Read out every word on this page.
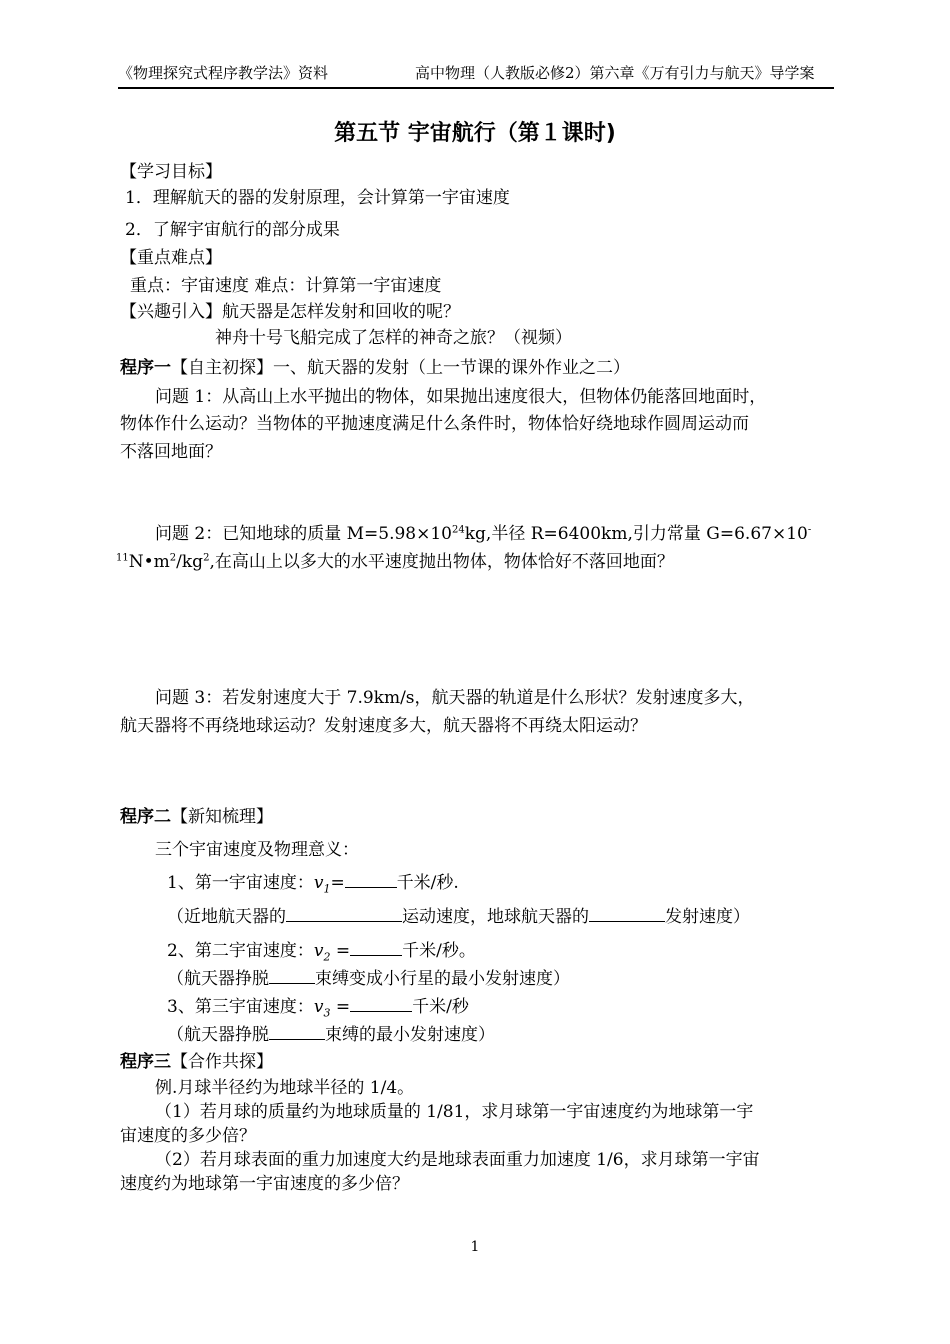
《物理探究式程序教学法》资料	高中物理（人教版必修2）第六章《万有引力与航天》导学案
第五节 宇宙航行（第１课时)
【学习目标】
1．理解航天的器的发射原理，会计算第一宇宙速度
2．了解宇宙航行的部分成果
【重点难点】
重点：宇宙速度 难点：计算第一宇宙速度
【兴趣引入】航天器是怎样发射和回收的呢？
神舟十号飞船完成了怎样的神奇之旅？（视频）
程序一【自主初探】一、航天器的发射（上一节课的课外作业之二）
问题 1：从高山上水平抛出的物体，如果抛出速度很大，但物体仍能落回地面时，
物体作什么运动？当物体的平抛速度满足什么条件时，物体恰好绕地球作圆周运动而
不落回地面？
问题 2：已知地球的质量 $M=5.98\times 10^{24}kg$,半径 R=6400km,引力常量 G=6.67×10-
$^{11}N•m^2/kg^2$,在高山上以多大的水平速度抛出物体，物体恰好不落回地面？
问题 3：若发射速度大于 7.9km/s，航天器的轨道是什么形状？发射速度多大，
航天器将不再绕地球运动？发射速度多大，航天器将不再绕太阳运动？
程序二【新知梳理】
三个宇宙速度及物理意义：
1、第一宇宙速度：$v_1=$	千米/秒.
（近地航天器的	运动速度，地球航天器的	发射速度）
2、第二宇宙速度：$v_2$ =	千米/秒。
（航天器挣脱	束缚变成小行星的最小发射速度）
3、第三宇宙速度：$v_3$ =	千米/秒
（航天器挣脱	束缚的最小发射速度）
程序三【合作共探】
例.月球半径约为地球半径的 1/4。
（1）若月球的质量约为地球质量的 1/81，求月球第一宇宙速度约为地球第一宇
宙速度的多少倍？
（2）若月球表面的重力加速度大约是地球表面重力加速度 1/6，求月球第一宇宙
速度约为地球第一宇宙速度的多少倍？
1
